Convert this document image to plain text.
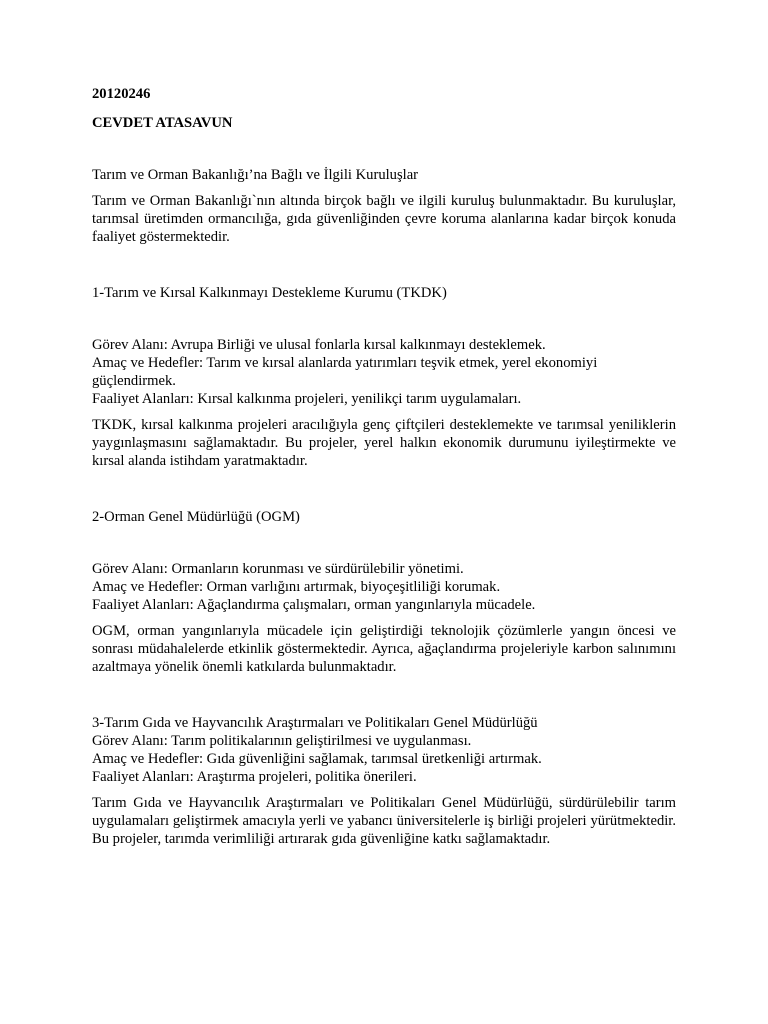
20120246

CEVDET ATASAVUN

Tarım ve Orman Bakanlığı’na Bağlı ve İlgili Kuruluşlar

Tarım ve Orman Bakanlığı`nın altında birçok bağlı ve ilgili kuruluş bulunmaktadır. Bu kuruluşlar, tarımsal üretimden ormancılığa, gıda güvenliğinden çevre koruma alanlarına kadar birçok konuda faaliyet göstermektedir.

1-Tarım ve Kırsal Kalkınmayı Destekleme Kurumu (TKDK)

Görev Alanı: Avrupa Birliği ve ulusal fonlarla kırsal kalkınmayı desteklemek.
Amaç ve Hedefler: Tarım ve kırsal alanlarda yatırımları teşvik etmek, yerel ekonomiyi güçlendirmek.
Faaliyet Alanları: Kırsal kalkınma projeleri, yenilikçi tarım uygulamaları.

TKDK, kırsal kalkınma projeleri aracılığıyla genç çiftçileri desteklemekte ve tarımsal yeniliklerin yaygınlaşmasını sağlamaktadır. Bu projeler, yerel halkın ekonomik durumunu iyileştirmekte ve kırsal alanda istihdam yaratmaktadır.

2-Orman Genel Müdürlüğü (OGM)

Görev Alanı: Ormanların korunması ve sürdürülebilir yönetimi.
Amaç ve Hedefler: Orman varlığını artırmak, biyoçeşitliliği korumak.
Faaliyet Alanları: Ağaçlandırma çalışmaları, orman yangınlarıyla mücadele.

OGM, orman yangınlarıyla mücadele için geliştirdiği teknolojik çözümlerle yangın öncesi ve sonrası müdahalelerde etkinlik göstermektedir. Ayrıca, ağaçlandırma projeleriyle karbon salınımını azaltmaya yönelik önemli katkılarda bulunmaktadır.

3-Tarım Gıda ve Hayvancılık Araştırmaları ve Politikaları Genel Müdürlüğü

Görev Alanı: Tarım politikalarının geliştirilmesi ve uygulanması.
Amaç ve Hedefler: Gıda güvenliğini sağlamak, tarımsal üretkenliği artırmak.
Faaliyet Alanları: Araştırma projeleri, politika önerileri.

Tarım Gıda ve Hayvancılık Araştırmaları ve Politikaları Genel Müdürlüğü, sürdürülebilir tarım uygulamaları geliştirmek amacıyla yerli ve yabancı üniversitelerle iş birliği projeleri yürütmektedir. Bu projeler, tarımda verimliliği artırarak gıda güvenliğine katkı sağlamaktadır.
